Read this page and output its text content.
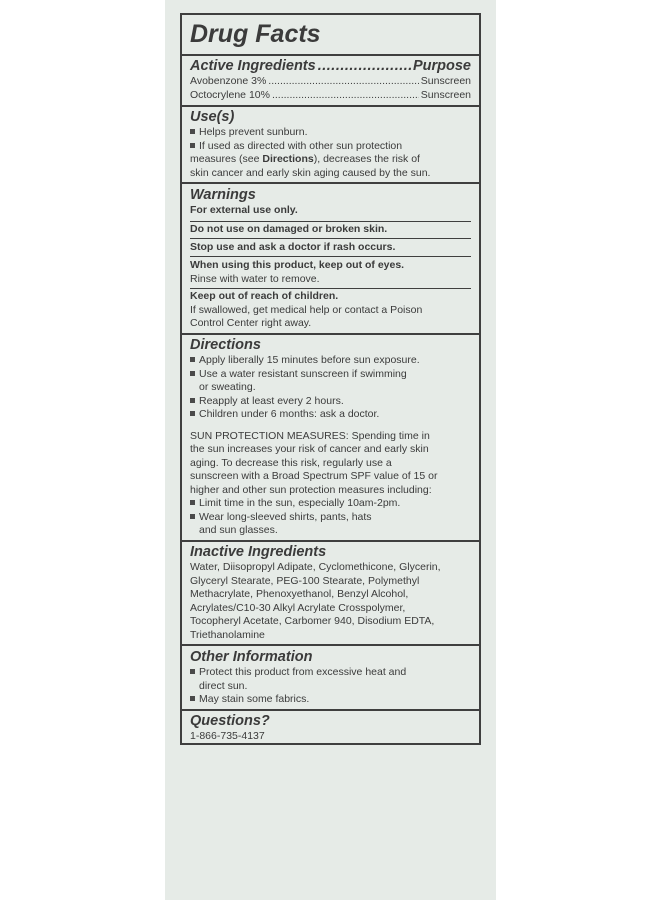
Drug Facts
Active Ingredients .....	Purpose
Avobenzone 3% .....	Sunscreen
Octocrylene 10% .....	Sunscreen
Use(s)
Helps prevent sunburn.
If used as directed with other sun protection
measures (see Directions), decreases the risk of
skin cancer and early skin aging caused by the sun.
Warnings
For external use only.
Do not use on damaged or broken skin.
Stop use and ask a doctor if rash occurs.
When using this product, keep out of eyes.
Rinse with water to remove.
Keep out of reach of children.
If swallowed, get medical help or contact a Poison
Control Center right away.
Directions
Apply liberally 15 minutes before sun exposure.
Use a water resistant sunscreen if swimming
or sweating.
Reapply at least every 2 hours.
Children under 6 months: ask a doctor.
SUN PROTECTION MEASURES: Spending time in
the sun increases your risk of cancer and early skin
aging. To decrease this risk, regularly use a
sunscreen with a Broad Spectrum SPF value of 15 or
higher and other sun protection measures including:
Limit time in the sun, especially 10am-2pm.
Wear long-sleeved shirts, pants, hats
and sun glasses.
Inactive Ingredients
Water, Diisopropyl Adipate, Cyclomethicone, Glycerin,
Glyceryl Stearate, PEG-100 Stearate, Polymethyl
Methacrylate, Phenoxyethanol, Benzyl Alcohol,
Acrylates/C10-30 Alkyl Acrylate Crosspolymer,
Tocopheryl Acetate, Carbomer 940, Disodium EDTA,
Triethanolamine
Other Information
Protect this product from excessive heat and
direct sun.
May stain some fabrics.
Questions?
1-866-735-4137
